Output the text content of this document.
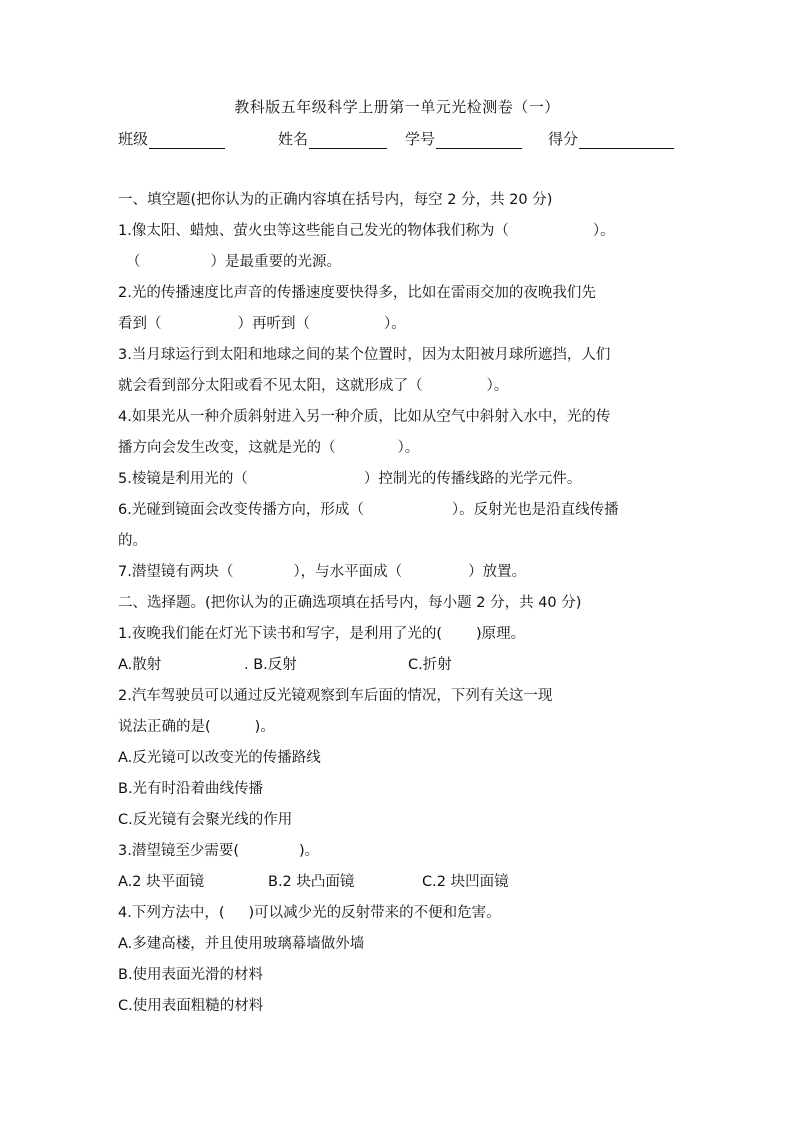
教科版五年级科学上册第一单元光检测卷（一）
班级	姓名	学号	得分
一、填空题(把你认为的正确内容填在括号内，每空 2 分，共 20 分)
1.像太阳、蜡烛、萤火虫等这些能自己发光的物体我们称为（	）。
（	）是最重要的光源。
2.光的传播速度比声音的传播速度要快得多，比如在雷雨交加的夜晚我们先
看到（	）再听到（	）。
3.当月球运行到太阳和地球之间的某个位置时，因为太阳被月球所遮挡，人们
就会看到部分太阳或看不见太阳，这就形成了（	）。
4.如果光从一种介质斜射进入另一种介质，比如从空气中斜射入水中，光的传
播方向会发生改变，这就是光的（	）。
5.棱镜是利用光的（	）控制光的传播线路的光学元件。
6.光碰到镜面会改变传播方向，形成（	）。反射光也是沿直线传播
的。
7.潜望镜有两块（	），与水平面成（	）放置。
二、选择题。(把你认为的正确选项填在括号内，每小题 2 分，共 40 分)
1.夜晚我们能在灯光下读书和写字，是利用了光的( )原理。
A.散射	. B.反射	C.折射
2.汽车驾驶员可以通过反光镜观察到车后面的情况，下列有关这一现
说法正确的是(	)。
A.反光镜可以改变光的传播路线
B.光有时沿着曲线传播
C.反光镜有会聚光线的作用
3.潜望镜至少需要(	)。
A.2 块平面镜	B.2 块凸面镜	C.2 块凹面镜
4.下列方法中，( )可以减少光的反射带来的不便和危害。
A.多建高楼，并且使用玻璃幕墙做外墙
B.使用表面光滑的材料
C.使用表面粗糙的材料
